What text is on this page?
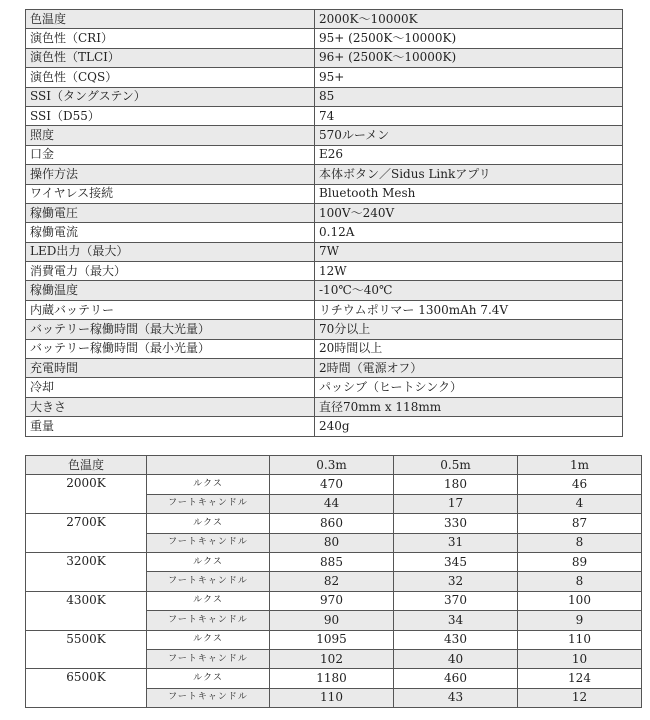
色温度	2000K〜10000K
演色性（CRI）	95+ (2500K〜10000K)
演色性（TLCI）	96+ (2500K〜10000K)
演色性（CQS）	95+
SSI（タングステン）	85
SSI（D55）	74
照度	570ルーメン
口金	E26
操作方法	本体ボタン／Sidus Linkアプリ
ワイヤレス接続	Bluetooth Mesh
稼働電圧	100V〜240V
稼働電流	0.12A
LED出力（最大）	7W
消費電力（最大）	12W
稼働温度	-10℃〜40℃
内蔵バッテリー	リチウムポリマー 1300mAh 7.4V
バッテリー稼働時間（最大光量）	70分以上
バッテリー稼働時間（最小光量）	20時間以上
充電時間	2時間（電源オフ）
冷却	パッシブ（ヒートシンク）
大きさ	直径70mm x 118mm
重量	240g
色温度		0.3m	0.5m	1m
2000K	ルクス	470	180	46
	フートキャンドル	44	17	4
2700K	ルクス	860	330	87
	フートキャンドル	80	31	8
3200K	ルクス	885	345	89
	フートキャンドル	82	32	8
4300K	ルクス	970	370	100
	フートキャンドル	90	34	9
5500K	ルクス	1095	430	110
	フートキャンドル	102	40	10
6500K	ルクス	1180	460	124
	フートキャンドル	110	43	12
